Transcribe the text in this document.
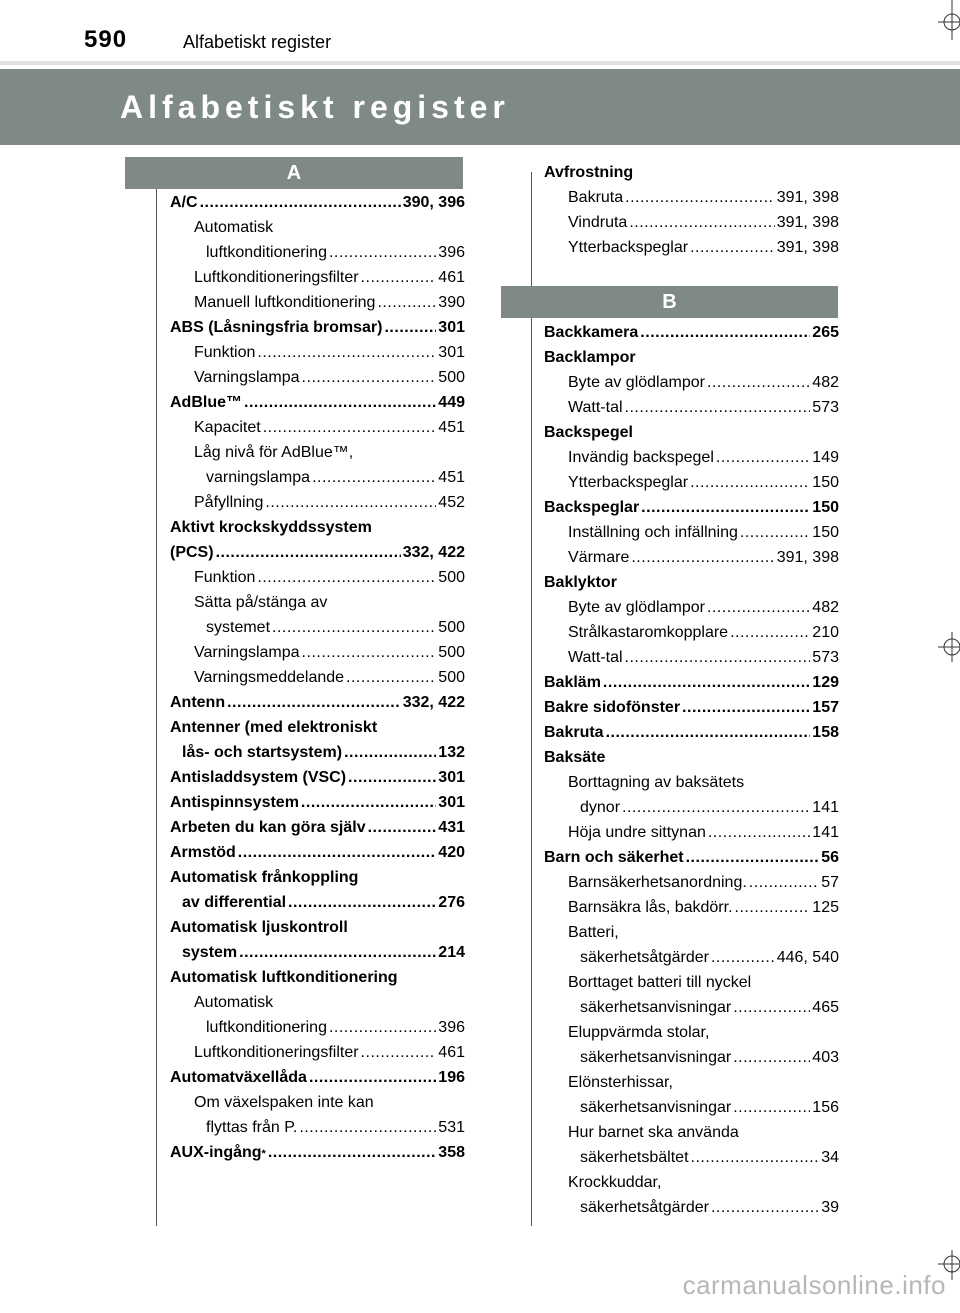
590	Alfabetiskt register
Alfabetiskt register
A
A/C .....	390, 396
Automatisk
luftkonditionering .....	396
Luftkonditioneringsfilter .....	461
Manuell luftkonditionering .....	390
ABS (Låsningsfria bromsar) .....	301
Funktion .....	301
Varningslampa .....	500
AdBlue™ .....	449
Kapacitet .....	451
Låg nivå för AdBlue™,
varningslampa .....	451
Påfyllning .....	452
Aktivt krockskyddssystem
(PCS) .....	332, 422
Funktion .....	500
Sätta på/stänga av
systemet .....	500
Varningslampa .....	500
Varningsmeddelande .....	500
Antenn .....	332, 422
Antenner (med elektroniskt
lås- och startsystem) .....	132
Antisladdsystem (VSC) .....	301
Antispinnsystem .....	301
Arbeten du kan göra själv .....	431
Armstöd .....	420
Automatisk frånkoppling
av differential .....	276
Automatisk ljuskontroll
system .....	214
Automatisk luftkonditionering
Automatisk
luftkonditionering .....	396
Luftkonditioneringsfilter .....	461
Automatväxellåda .....	196
Om växelspaken inte kan
flyttas från P. .....	531
AUX-ingång * .....	358
Avfrostning
Bakruta .....	391, 398
Vindruta .....	391, 398
Ytterbackspeglar .....	391, 398
B
Backkamera .....	265
Backlampor
Byte av glödlampor .....	482
Watt-tal .....	573
Backspegel
Invändig backspegel .....	149
Ytterbackspeglar .....	150
Backspeglar .....	150
Inställning och infällning .....	150
Värmare .....	391, 398
Baklyktor
Byte av glödlampor .....	482
Strålkastaromkopplare .....	210
Watt-tal .....	573
Bakläm .....	129
Bakre sidofönster .....	157
Bakruta .....	158
Baksäte
Borttagning av baksätets
dynor .....	141
Höja undre sittynan .....	141
Barn och säkerhet .....	56
Barnsäkerhetsanordning. .....	57
Barnsäkra lås, bakdörr. .....	125
Batteri,
säkerhetsåtgärder .....	446, 540
Borttaget batteri till nyckel
säkerhetsanvisningar .....	465
Eluppvärmda stolar,
säkerhetsanvisningar .....	403
Elönsterhissar,
säkerhetsanvisningar .....	156
Hur barnet ska använda
säkerhetsbältet .....	34
Krockkuddar,
säkerhetsåtgärder .....	39
carmanualsonline.info
